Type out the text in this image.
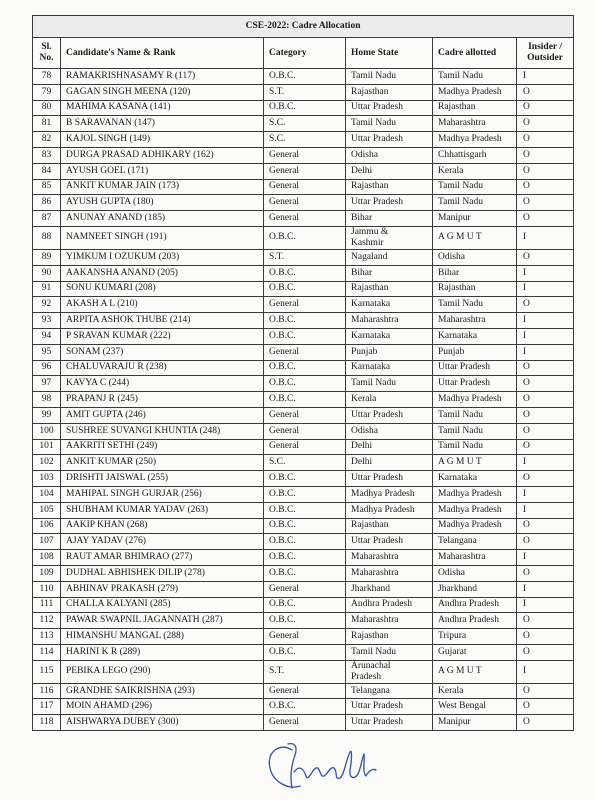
CSE-2022: Cadre Allocation					
Sl. No.	Candidate's Name & Rank	Category	Home State	Cadre allotted	Insider / Outsider
78	RAMAKRISHNASAMY R (117)	O.B.C.	Tamil Nadu	Tamil Nadu	I
79	GAGAN SINGH MEENA (120)	S.T.	Rajasthan	Madhya Pradesh	O
80	MAHIMA KASANA (141)	O.B.C.	Uttar Pradesh	Rajasthan	O
81	B SARAVANAN (147)	S.C.	Tamil Nadu	Maharashtra	O
82	KAJOL SINGH (149)	S.C.	Uttar Pradesh	Madhya Pradesh	O
83	DURGA PRASAD ADHIKARY (162)	General	Odisha	Chhattisgarh	O
84	AYUSH GOEL (171)	General	Delhi	Kerala	O
85	ANKIT KUMAR JAIN (173)	General	Rajasthan	Tamil Nadu	O
86	AYUSH GUPTA (180)	General	Uttar Pradesh	Tamil Nadu	O
87	ANUNAY ANAND (185)	General	Bihar	Manipur	O
88	NAMNEET SINGH (191)	O.B.C.	Jammu & Kashmir	A G M U T	I
89	YIMKUM I OZUKUM (203)	S.T.	Nagaland	Odisha	O
90	AAKANSHA ANAND (205)	O.B.C.	Bihar	Bihar	I
91	SONU KUMARI (208)	O.B.C.	Rajasthan	Rajasthan	I
92	AKASH A L (210)	General	Karnataka	Tamil Nadu	O
93	ARPITA ASHOK THUBE (214)	O.B.C.	Maharashtra	Maharashtra	I
94	P SRAVAN KUMAR (222)	O.B.C.	Karnataka	Karnataka	I
95	SONAM (237)	General	Punjab	Punjab	I
96	CHALUVARAJU R (238)	O.B.C.	Karnataka	Uttar Pradesh	O
97	KAVYA C (244)	O.B.C.	Tamil Nadu	Uttar Pradesh	O
98	PRAPANJ R (245)	O.B.C.	Kerala	Madhya Pradesh	O
99	AMIT GUPTA (246)	General	Uttar Pradesh	Tamil Nadu	O
100	SUSHREE SUVANGI KHUNTIA (248)	General	Odisha	Tamil Nadu	O
101	AAKRITI SETHI (249)	General	Delhi	Tamil Nadu	O
102	ANKIT KUMAR (250)	S.C.	Delhi	A G M U T	I
103	DRISHTI JAISWAL (255)	O.B.C.	Uttar Pradesh	Karnataka	O
104	MAHIPAL SINGH GURJAR (256)	O.B.C.	Madhya Pradesh	Madhya Pradesh	I
105	SHUBHAM KUMAR YADAV (263)	O.B.C.	Madhya Pradesh	Madhya Pradesh	I
106	AAKIP KHAN (268)	O.B.C.	Rajasthan	Madhya Pradesh	O
107	AJAY YADAV (276)	O.B.C.	Uttar Pradesh	Telangana	O
108	RAUT AMAR BHIMRAO (277)	O.B.C.	Maharashtra	Maharashtra	I
109	DUDHAL ABHISHEK DILIP (278)	O.B.C.	Maharashtra	Odisha	O
110	ABHINAV PRAKASH (279)	General	Jharkhand	Jharkhand	I
111	CHALLA KALYANI (285)	O.B.C.	Andhra Pradesh	Andhra Pradesh	I
112	PAWAR SWAPNIL JAGANNATH (287)	O.B.C.	Maharashtra	Andhra Pradesh	O
113	HIMANSHU MANGAL (288)	General	Rajasthan	Tripura	O
114	HARINI K R (289)	O.B.C.	Tamil Nadu	Gujarat	O
115	PEBIKA LEGO (290)	S.T.	Arunachal Pradesh	A G M U T	I
116	GRANDHE SAIKRISHNA (293)	General	Telangana	Kerala	O
117	MOIN AHAMD (296)	O.B.C.	Uttar Pradesh	West Bengal	O
118	AISHWARYA DUBEY (300)	General	Uttar Pradesh	Manipur	O
